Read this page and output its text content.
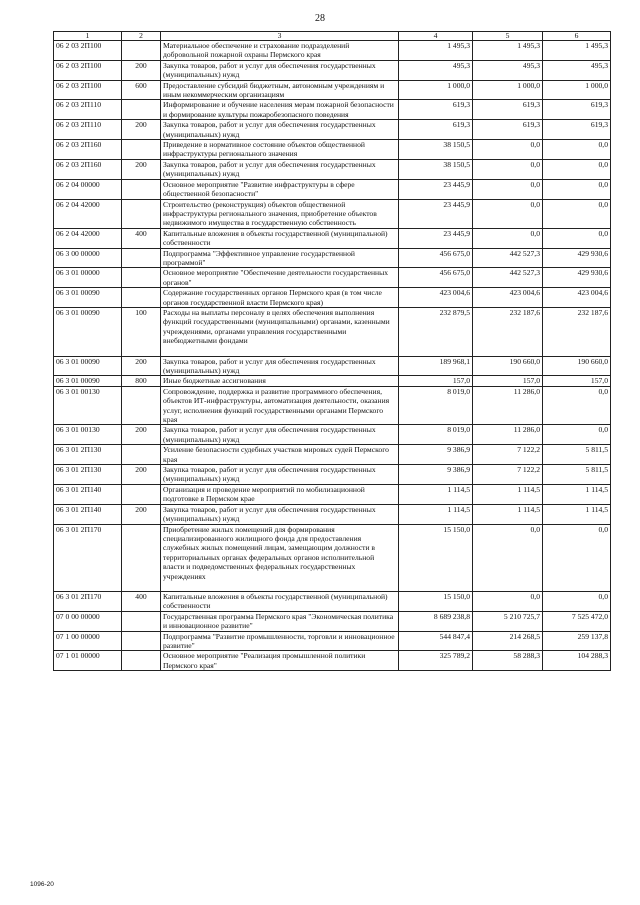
28
1	2	3	4	5	6
06 2 03 2П100		Материальное обеспечение и страхование подразделений добровольной пожарной охраны Пермского края	1 495,3	1 495,3	1 495,3
06 2 03 2П100	200	Закупка товаров, работ и услуг для обеспечения государственных (муниципальных) нужд	495,3	495,3	495,3
06 2 03 2П100	600	Предоставление субсидий бюджетным, автономным учреждениям и иным некоммерческим организациям	1 000,0	1 000,0	1 000,0
06 2 03 2П110		Информирование и обучение населения мерам пожарной безопасности и формирование культуры пожаробезопасного поведения	619,3	619,3	619,3
06 2 03 2П110	200	Закупка товаров, работ и услуг для обеспечения государственных (муниципальных) нужд	619,3	619,3	619,3
06 2 03 2П160		Приведение в нормативное состояние объектов общественной инфраструктуры регионального значения	38 150,5	0,0	0,0
06 2 03 2П160	200	Закупка товаров, работ и услуг для обеспечения государственных (муниципальных) нужд	38 150,5	0,0	0,0
06 2 04 00000		Основное мероприятие "Развитие инфраструктуры в сфере общественной безопасности"	23 445,9	0,0	0,0
06 2 04 42000		Строительство (реконструкция) объектов общественной инфраструктуры регионального значения, приобретение объектов недвижимого имущества в государственную собственность	23 445,9	0,0	0,0
06 2 04 42000	400	Капитальные вложения в объекты государственной (муниципальной) собственности	23 445,9	0,0	0,0
06 3 00 00000		Подпрограмма "Эффективное управление государственной программой"	456 675,0	442 527,3	429 930,6
06 3 01 00000		Основное мероприятие "Обеспечение деятельности государственных органов"	456 675,0	442 527,3	429 930,6
06 3 01 00090		Содержание государственных органов Пермского края (в том числе органов государственной власти Пермского края)	423 004,6	423 004,6	423 004,6
06 3 01 00090	100	Расходы на выплаты персоналу в целях обеспечения выполнения функций государственными (муниципальными) органами, казенными учреждениями, органами управления государственными внебюджетными фондами	232 879,5	232 187,6	232 187,6
06 3 01 00090	200	Закупка товаров, работ и услуг для обеспечения государственных (муниципальных) нужд	189 968,1	190 660,0	190 660,0
06 3 01 00090	800	Иные бюджетные ассигнования	157,0	157,0	157,0
06 3 01 00130		Сопровождение, поддержка и развитие программного обеспечения, объектов ИТ-инфраструктуры, автоматизация деятельности, оказания услуг, исполнения функций государственными органами Пермского края	8 019,0	11 286,0	0,0
06 3 01 00130	200	Закупка товаров, работ и услуг для обеспечения государственных (муниципальных) нужд	8 019,0	11 286,0	0,0
06 3 01 2П130		Усиление безопасности судебных участков мировых судей Пермского края	9 386,9	7 122,2	5 811,5
06 3 01 2П130	200	Закупка товаров, работ и услуг для обеспечения государственных (муниципальных) нужд	9 386,9	7 122,2	5 811,5
06 3 01 2П140		Организация и проведение мероприятий по мобилизационной подготовке в Пермском крае	1 114,5	1 114,5	1 114,5
06 3 01 2П140	200	Закупка товаров, работ и услуг для обеспечения государственных (муниципальных) нужд	1 114,5	1 114,5	1 114,5
06 3 01 2П170		Приобретение жилых помещений для формирования специализированного жилищного фонда для предоставления служебных жилых помещений лицам, замещающим должности в территориальных органах федеральных органов исполнительной власти и подведомственных федеральных государственных учреждениях	15 150,0	0,0	0,0
06 3 01 2П170	400	Капитальные вложения в объекты государственной (муниципальной) собственности	15 150,0	0,0	0,0
07 0 00 00000		Государственная программа Пермского края "Экономическая политика и инновационное развитие"	8 689 238,8	5 210 725,7	7 525 472,0
07 1 00 00000		Подпрограмма "Развитие промышленности, торговли и инновационное развитие"	544 847,4	214 268,5	259 137,8
07 1 01 00000		Основное мероприятие "Реализация промышленной политики Пермского края"	325 789,2	58 288,3	104 288,3
1096-20
